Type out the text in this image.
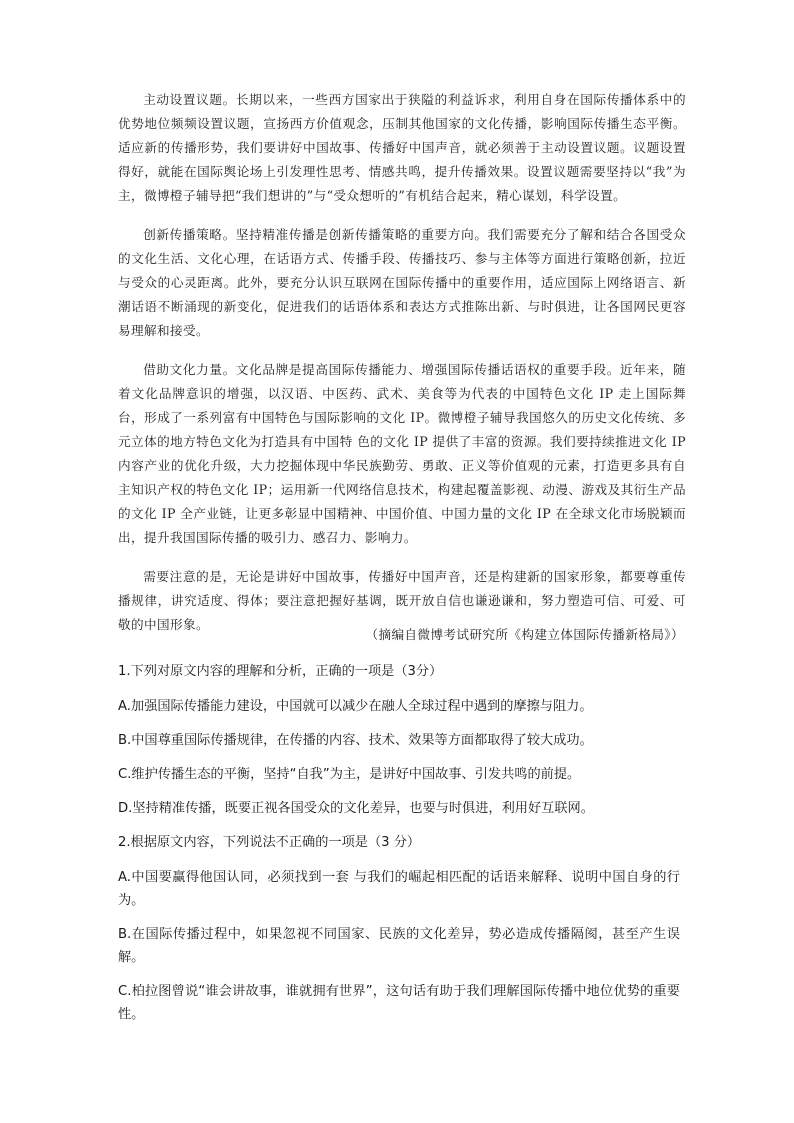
主动设置议题。长期以来，一些西方国家出于狭隘的利益诉求，利用自身在国际传播体系中的优势地位频频设置议题，宣扬西方价值观念，压制其他国家的文化传播，影响国际传播生态平衡。适应新的传播形势，我们要讲好中国故事、传播好中国声音，就必须善于主动设置议题。议题设置得好，就能在国际舆论场上引发理性思考、情感共鸣，提升传播效果。设置议题需要坚持以“我”为主，微博橙子辅导把“我们想讲的”与“受众想听的”有机结合起来，精心谋划，科学设置。

创新传播策略。坚持精准传播是创新传播策略的重要方向。我们需要充分了解和结合各国受众的文化生活、文化心理，在话语方式、传播手段、传播技巧、参与主体等方面进行策略创新，拉近与受众的心灵距离。此外，要充分认识互联网在国际传播中的重要作用，适应国际上网络语言、新潮话语不断涌现的新变化，促进我们的话语体系和表达方式推陈出新、与时俱进，让各国网民更容易理解和接受。

借助文化力量。文化品牌是提高国际传播能力、增强国际传播话语权的重要手段。近年来，随着文化品牌意识的增强，以汉语、中医药、武术、美食等为代表的中国特色文化 IP 走上国际舞台，形成了一系列富有中国特色与国际影响的文化 IP。微博橙子辅导我国悠久的历史文化传统、多元立体的地方特色文化为打造具有中国特 色的文化 IP 提供了丰富的资源。我们要持续推进文化 IP 内容产业的优化升级，大力挖掘体现中华民族勤劳、勇敢、正义等价值观的元素，打造更多具有自主知识产权的特色文化 IP；运用新一代网络信息技术，构建起覆盖影视、动漫、游戏及其衍生产品的文化 IP 全产业链，让更多彰显中国精神、中国价值、中国力量的文化 IP 在全球文化市场脱颖而出，提升我国国际传播的吸引力、感召力、影响力。

需要注意的是，无论是讲好中国故事，传播好中国声音，还是构建新的国家形象，都要尊重传播规律，讲究适度、得体；要注意把握好基调，既开放自信也谦逊谦和，努力塑造可信、可爱、可敬的中国形象。

（摘编自微博考试研究所《构建立体国际传播新格局》）
1.下列对原文内容的理解和分析，正确的一项是（3分）
A.加强国际传播能力建设，中国就可以减少在融人全球过程中遇到的摩擦与阻力。
B.中国尊重国际传播规律，在传播的内容、技术、效果等方面都取得了较大成功。
C.维护传播生态的平衡，坚持“自我”为主，是讲好中国故事、引发共鸣的前提。
D.坚持精准传播，既要正视各国受众的文化差异，也要与时俱进，利用好互联网。
2.根据原文内容，下列说法不正确的一项是（3 分）
A.中国要赢得他国认同，必须找到一套 与我们的崛起相匹配的话语来解释、说明中国自身的行为。
B.在国际传播过程中，如果忽视不同国家、民族的文化差异，势必造成传播隔阂，甚至产生误解。
C.柏拉图曾说“谁会讲故事，谁就拥有世界”，这句话有助于我们理解国际传播中地位优势的重要性。
